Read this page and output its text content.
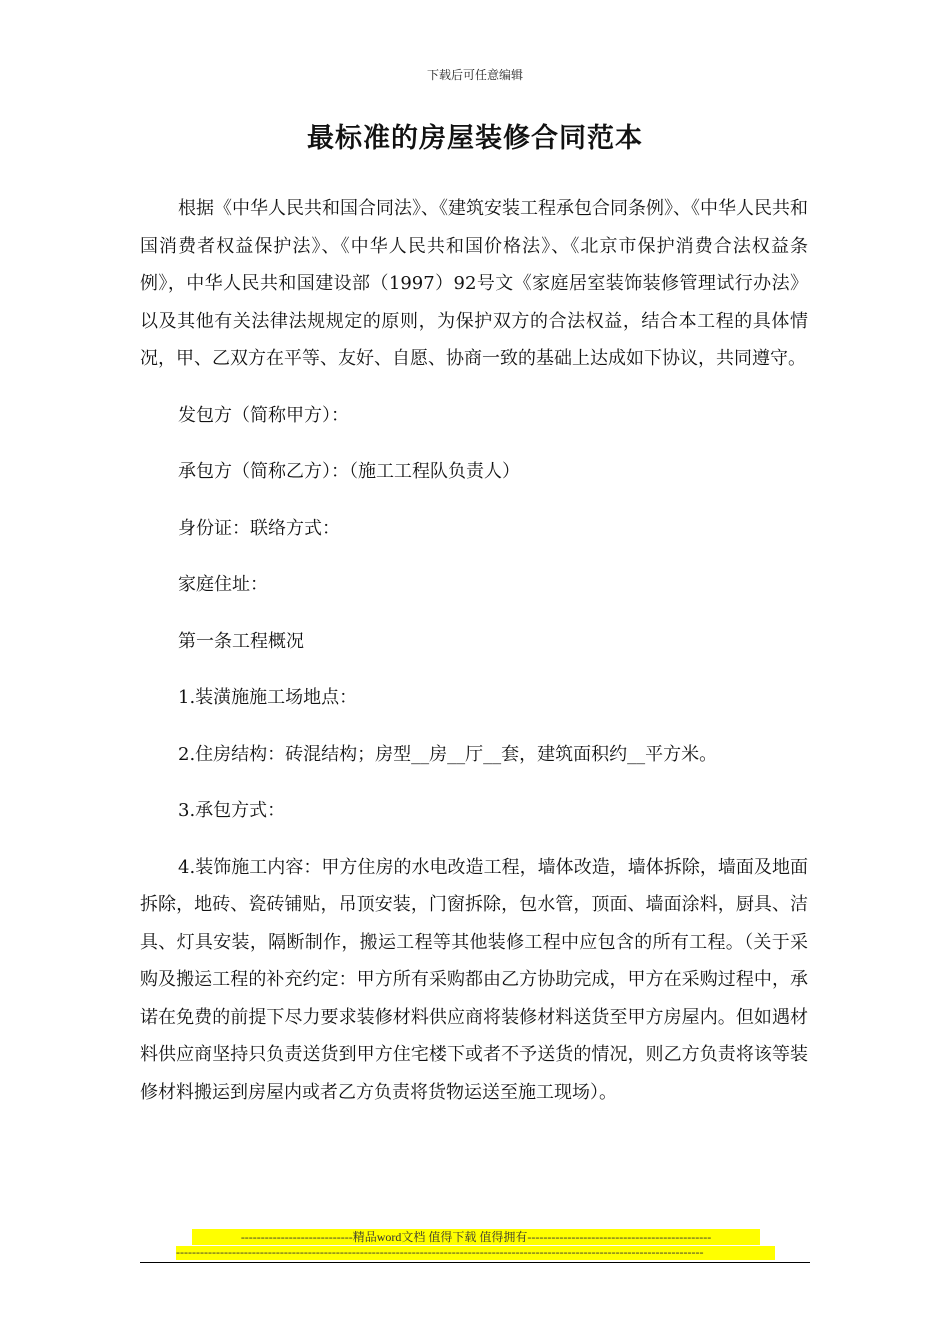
下载后可任意编辑
最标准的房屋装修合同范本

根据《中华人民共和国合同法》、《建筑安装工程承包合同条例》、《中华人民共和国消费者权益保护法》、《中华人民共和国价格法》、《北京市保护消费合法权益条例》，中华人民共和国建设部（1997）92号文《家庭居室装饰装修管理试行办法》以及其他有关法律法规规定的原则，为保护双方的合法权益，结合本工程的具体情况，甲、乙双方在平等、友好、自愿、协商一致的基础上达成如下协议，共同遵守。

发包方（简称甲方）：

承包方（简称乙方）：（施工工程队负责人）

身份证：联络方式：

家庭住址：

第一条工程概况

1.装潢施施工场地点：

2.住房结构：砖混结构；房型__房__厅__套，建筑面积约__平方米。

3.承包方式：

4.装饰施工内容：甲方住房的水电改造工程，墙体改造，墙体拆除，墙面及地面拆除，地砖、瓷砖铺贴，吊顶安装，门窗拆除，包水管，顶面、墙面涂料，厨具、洁具、灯具安装，隔断制作，搬运工程等其他装修工程中应包含的所有工程。（关于采购及搬运工程的补充约定：甲方所有采购都由乙方协助完成，甲方在采购过程中，承诺在免费的前提下尽力要求装修材料供应商将装修材料送货至甲方房屋内。但如遇材料供应商坚持只负责送货到甲方住宅楼下或者不予送货的情况，则乙方负责将该等装修材料搬运到房屋内或者乙方负责将货物运送至施工现场）。

----------------------------精品word文档 值得下载 值得拥有----------------------------------------------
------------------------------------------------------------------------------------------------------------------------------------
